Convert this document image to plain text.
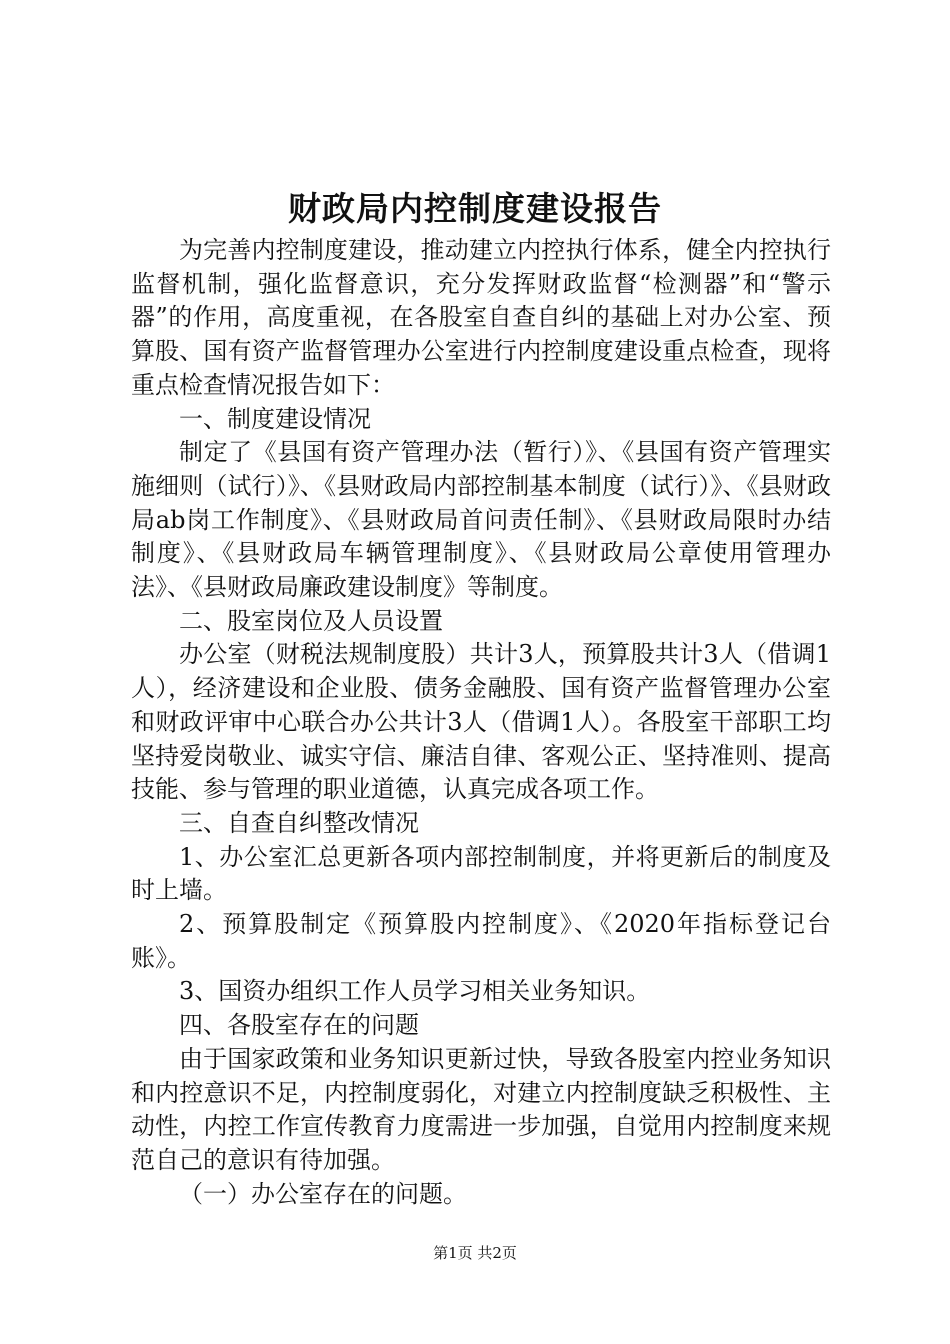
财政局内控制度建设报告

为完善内控制度建设，推动建立内控执行体系，健全内控执行监督机制，强化监督意识，充分发挥财政监督“检测器”和“警示器”的作用，高度重视，在各股室自查自纠的基础上对办公室、预算股、国有资产监督管理办公室进行内控制度建设重点检查，现将重点检查情况报告如下：

一、制度建设情况

制定了《县国有资产管理办法（暂行）》、《县国有资产管理实施细则（试行）》、《县财政局内部控制基本制度（试行）》、《县财政局ab岗工作制度》、《县财政局首问责任制》、《县财政局限时办结制度》、《县财政局车辆管理制度》、《县财政局公章使用管理办法》、《县财政局廉政建设制度》等制度。

二、股室岗位及人员设置

办公室（财税法规制度股）共计3人，预算股共计3人（借调1人），经济建设和企业股、债务金融股、国有资产监督管理办公室和财政评审中心联合办公共计3人（借调1人）。各股室干部职工均坚持爱岗敬业、诚实守信、廉洁自律、客观公正、坚持准则、提高技能、参与管理的职业道德，认真完成各项工作。

三、自查自纠整改情况

1、办公室汇总更新各项内部控制制度，并将更新后的制度及时上墙。

2、预算股制定《预算股内控制度》、《2020年指标登记台账》。

3、国资办组织工作人员学习相关业务知识。

四、各股室存在的问题

由于国家政策和业务知识更新过快，导致各股室内控业务知识和内控意识不足，内控制度弱化，对建立内控制度缺乏积极性、主动性，内控工作宣传教育力度需进一步加强，自觉用内控制度来规范自己的意识有待加强。

（一）办公室存在的问题。

第1页 共2页
